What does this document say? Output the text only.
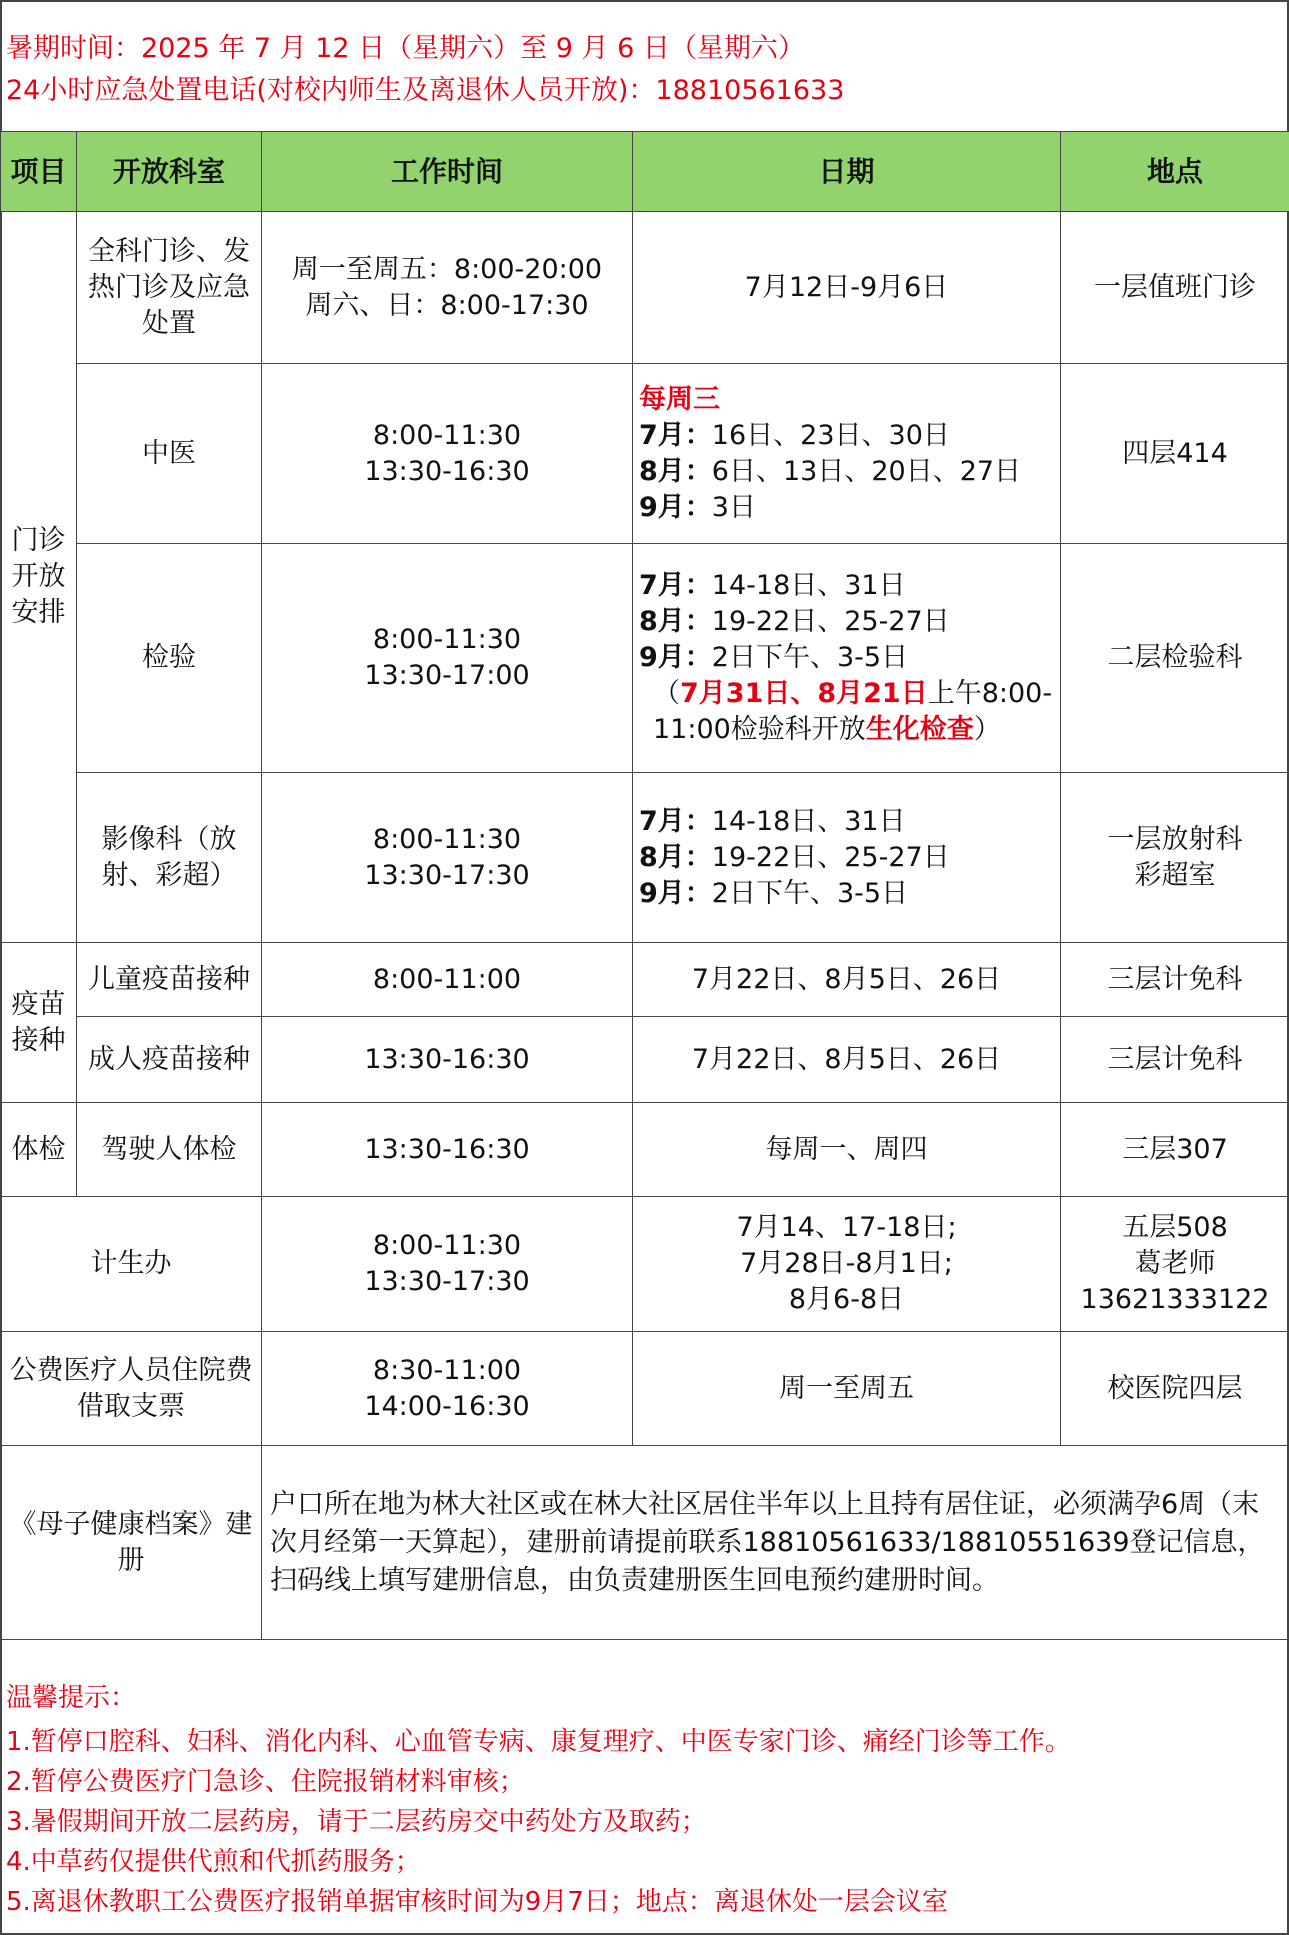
暑期时间：2025 年 7 月 12 日（星期六）至 9 月 6 日（星期六）
24小时应急处置电话(对校内师生及离退休人员开放)：18810561633
项目	开放科室	工作时间	日期	地点
门诊开放安排	全科门诊、发热门诊及应急处置	周一至周五：8:00-20:00
周六、日：8:00-17:30	7月12日-9月6日	一层值班门诊
	中医	8:00-11:30
13:30-16:30	每周三
7月：16日、23日、30日
8月：6日、13日、20日、27日
9月：3日	四层414
	检验	8:00-11:30
13:30-17:00	7月：14-18日、31日
8月：19-22日、25-27日
9月：2日下午、3-5日
（7月31日、8月21日上午8:00-11:00检验科开放生化检查）	二层检验科
	影像科（放射、彩超）	8:00-11:30
13:30-17:30	7月：14-18日、31日
8月：19-22日、25-27日
9月：2日下午、3-5日	一层放射科
彩超室

疫苗接种	儿童疫苗接种	8:00-11:00	7月22日、8月5日、26日	三层计免科
	成人疫苗接种	13:30-16:30	7月22日、8月5日、26日	三层计免科
体检	驾驶人体检	13:30-16:30	每周一、周四	三层307
计生办		8:00-11:30
13:30-17:30	7月14、17-18日;
7月28日-8月1日;
8月6-8日	五层508
葛老师
13621333122

公费医疗人员住院费借取支票		8:30-11:00
14:00-16:30	周一至周五	校医院四层
《母子健康档案》建册		户口所在地为林大社区或在林大社区居住半年以上且持有居住证，必须满孕6周（末次月经第一天算起），建册前请提前联系18810561633/18810551639登记信息，扫码线上填写建册信息，由负责建册医生回电预约建册时间。		
温馨提示：
1.暂停口腔科、妇科、消化内科、心血管专病、康复理疗、中医专家门诊、痛经门诊等工作。
2.暂停公费医疗门急诊、住院报销材料审核；
3.暑假期间开放二层药房，请于二层药房交中药处方及取药；
4.中草药仅提供代煎和代抓药服务；
5.离退休教职工公费医疗报销单据审核时间为9月7日；地点：离退休处一层会议室
